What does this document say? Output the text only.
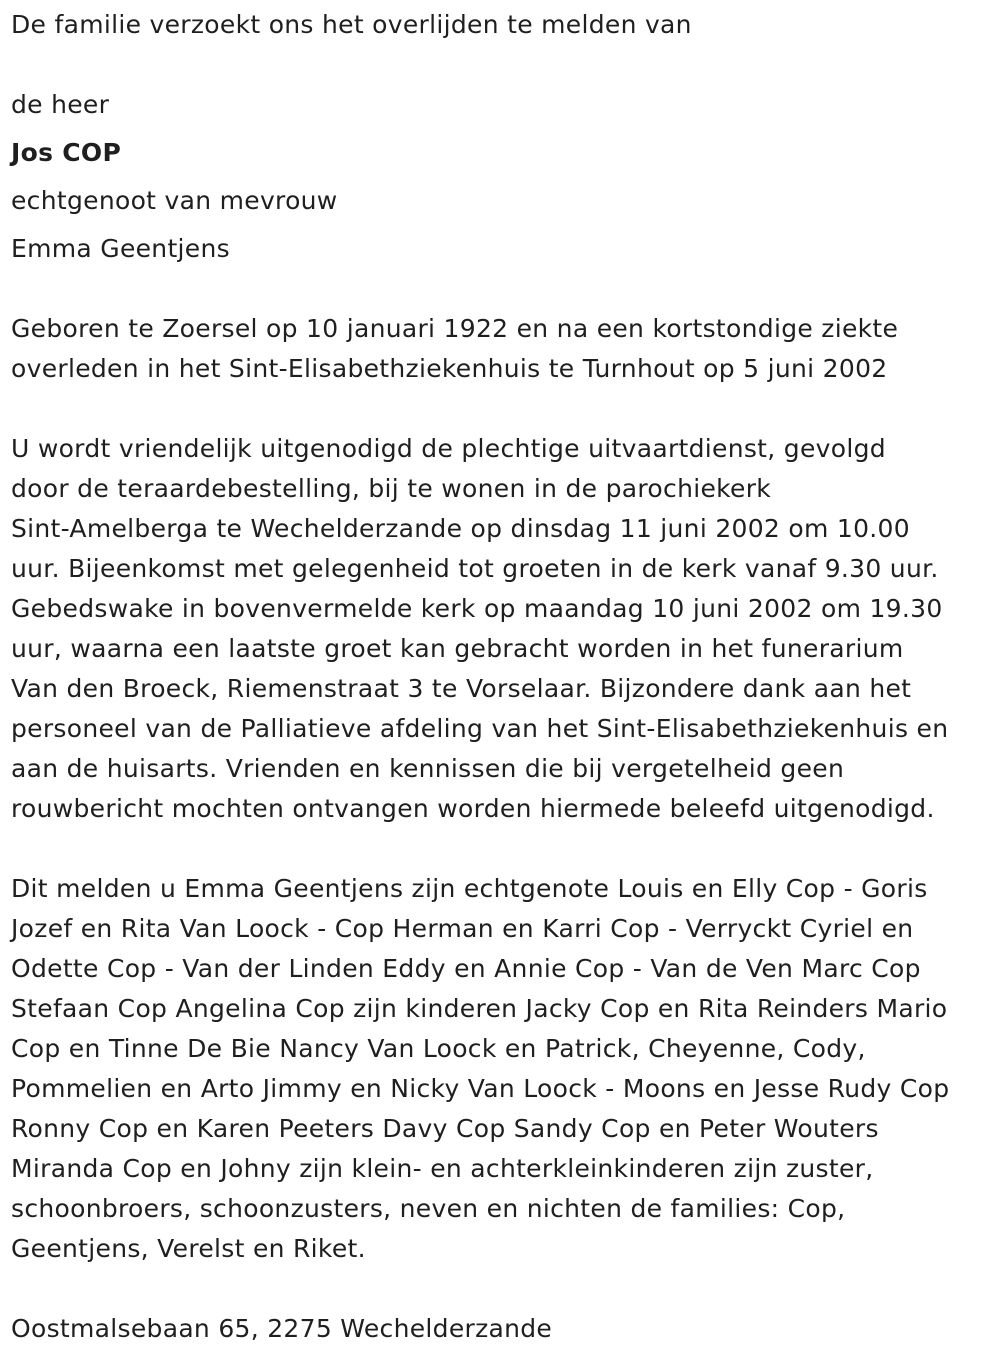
De familie verzoekt ons het overlijden te melden van
de heer
Jos COP
echtgenoot van mevrouw
Emma Geentjens
Geboren te Zoersel op 10 januari 1922 en na een kortstondige ziekte
overleden in het Sint-Elisabethziekenhuis te Turnhout op 5 juni 2002
U wordt vriendelijk uitgenodigd de plechtige uitvaartdienst, gevolgd
door de teraardebestelling, bij te wonen in de parochiekerk
Sint-Amelberga te Wechelderzande op dinsdag 11 juni 2002 om 10.00
uur. Bijeenkomst met gelegenheid tot groeten in de kerk vanaf 9.30 uur.
Gebedswake in bovenvermelde kerk op maandag 10 juni 2002 om 19.30
uur, waarna een laatste groet kan gebracht worden in het funerarium
Van den Broeck, Riemenstraat 3 te Vorselaar. Bijzondere dank aan het
personeel van de Palliatieve afdeling van het Sint-Elisabethziekenhuis en
aan de huisarts. Vrienden en kennissen die bij vergetelheid geen
rouwbericht mochten ontvangen worden hiermede beleefd uitgenodigd.
Dit melden u Emma Geentjens zijn echtgenote Louis en Elly Cop - Goris
Jozef en Rita Van Loock - Cop Herman en Karri Cop - Verryckt Cyriel en
Odette Cop - Van der Linden Eddy en Annie Cop - Van de Ven Marc Cop
Stefaan Cop Angelina Cop zijn kinderen Jacky Cop en Rita Reinders Mario
Cop en Tinne De Bie Nancy Van Loock en Patrick, Cheyenne, Cody,
Pommelien en Arto Jimmy en Nicky Van Loock - Moons en Jesse Rudy Cop
Ronny Cop en Karen Peeters Davy Cop Sandy Cop en Peter Wouters
Miranda Cop en Johny zijn klein- en achterkleinkinderen zijn zuster,
schoonbroers, schoonzusters, neven en nichten de families: Cop,
Geentjens, Verelst en Riket.
Oostmalsebaan 65, 2275 Wechelderzande
